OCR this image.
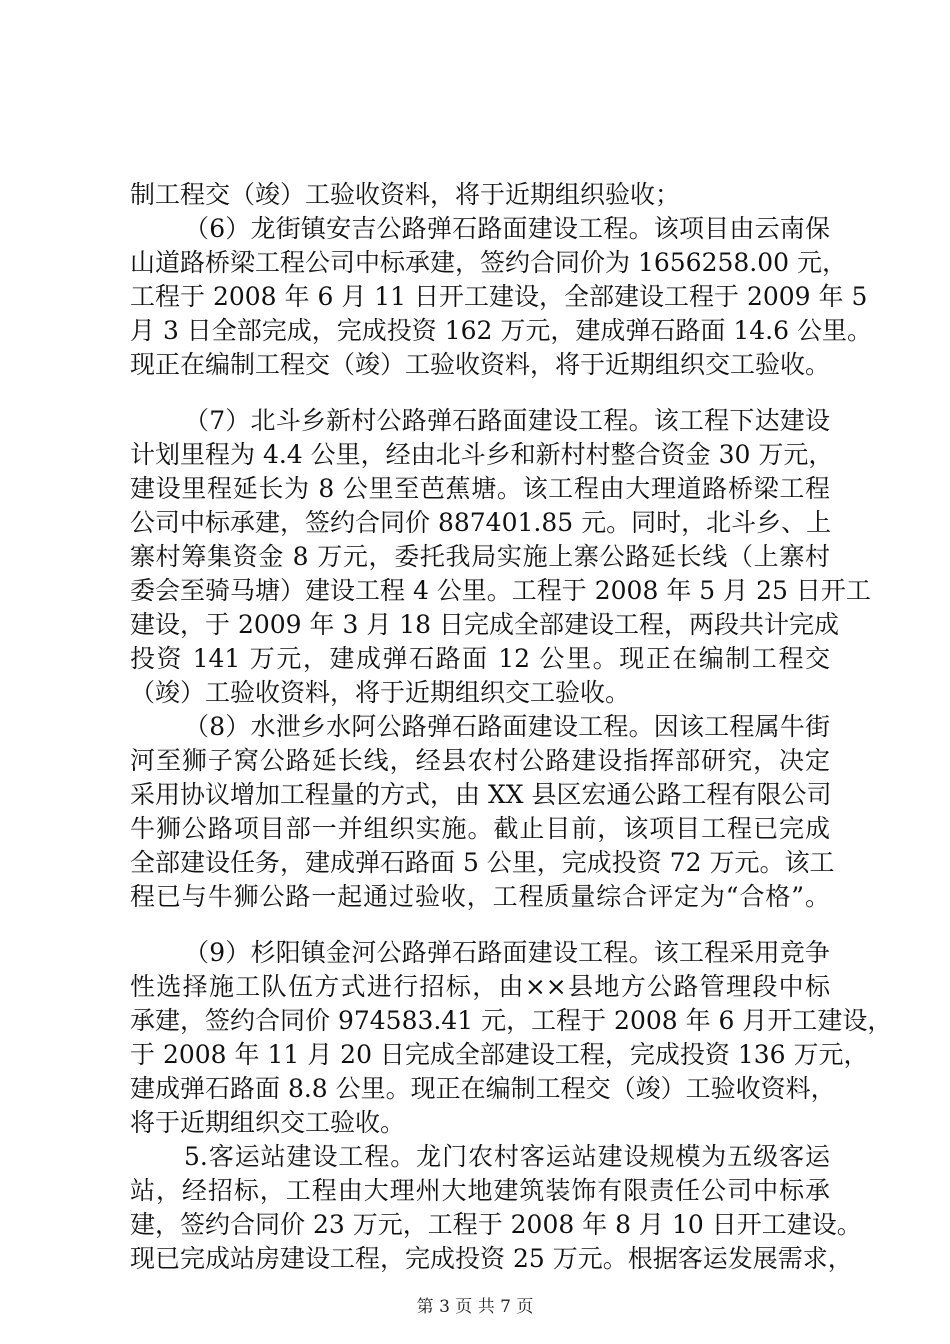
制工程交（竣）工验收资料，将于近期组织验收；
（6）龙街镇安吉公路弹石路面建设工程。该项目由云南保
山道路桥梁工程公司中标承建，签约合同价为 1656258.00 元，
工程于 2008 年 6 月 11 日开工建设，全部建设工程于 2009 年 5
月 3 日全部完成，完成投资 162 万元，建成弹石路面 14.6 公里。
现正在编制工程交（竣）工验收资料，将于近期组织交工验收。
（7）北斗乡新村公路弹石路面建设工程。该工程下达建设
计划里程为 4.4 公里，经由北斗乡和新村村整合资金 30 万元，
建设里程延长为 8 公里至芭蕉塘。该工程由大理道路桥梁工程
公司中标承建，签约合同价 887401.85 元。同时，北斗乡、上
寨村筹集资金 8 万元，委托我局实施上寨公路延长线（上寨村
委会至骑马塘）建设工程 4 公里。工程于 2008 年 5 月 25 日开工
建设，于 2009 年 3 月 18 日完成全部建设工程，两段共计完成
投资 141 万元，建成弹石路面 12 公里。现正在编制工程交
（竣）工验收资料，将于近期组织交工验收。
（8）水泄乡水阿公路弹石路面建设工程。因该工程属牛街
河至狮子窝公路延长线，经县农村公路建设指挥部研究，决定
采用协议增加工程量的方式，由 XX 县区宏通公路工程有限公司
牛狮公路项目部一并组织实施。截止目前，该项目工程已完成
全部建设任务，建成弹石路面 5 公里，完成投资 72 万元。该工
程已与牛狮公路一起通过验收，工程质量综合评定为“合格”。
（9）杉阳镇金河公路弹石路面建设工程。该工程采用竞争
性选择施工队伍方式进行招标，由××县地方公路管理段中标
承建，签约合同价 974583.41 元，工程于 2008 年 6 月开工建设，
于 2008 年 11 月 20 日完成全部建设工程，完成投资 136 万元，
建成弹石路面 8.8 公里。现正在编制工程交（竣）工验收资料，
将于近期组织交工验收。
5.客运站建设工程。龙门农村客运站建设规模为五级客运
站，经招标，工程由大理州大地建筑装饰有限责任公司中标承
建，签约合同价 23 万元，工程于 2008 年 8 月 10 日开工建设。
现已完成站房建设工程，完成投资 25 万元。根据客运发展需求，
第 3 页 共 7 页
